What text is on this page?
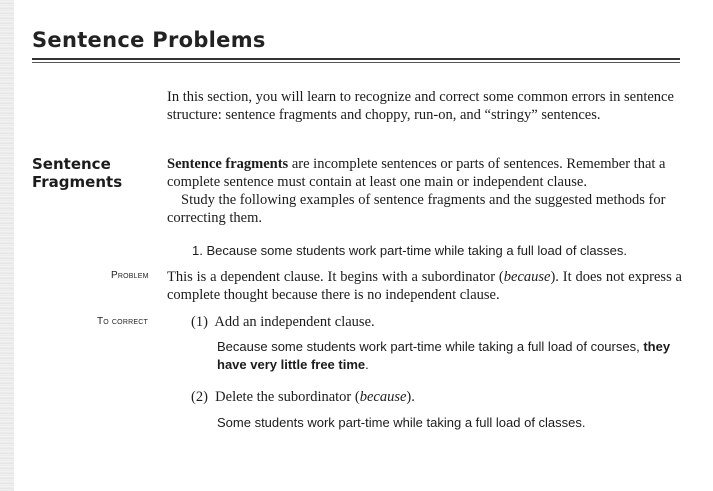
Sentence Problems

In this section, you will learn to recognize and correct some common errors in sentence structure: sentence fragments and choppy, run-on, and “stringy” sentences.

Sentence
Fragments

Sentence fragments are incomplete sentences or parts of sentences. Remember that a complete sentence must contain at least one main or independent clause.
Study the following examples of sentence fragments and the suggested methods for correcting them.

1. Because some students work part-time while taking a full load of classes.

Problem This is a dependent clause. It begins with a subordinator (because). It does not express a complete thought because there is no independent clause.

To correct	(1) Add an independent clause.

Because some students work part-time while taking a full load of courses, they have very little free time.

(2) Delete the subordinator (because).

Some students work part-time while taking a full load of classes.
